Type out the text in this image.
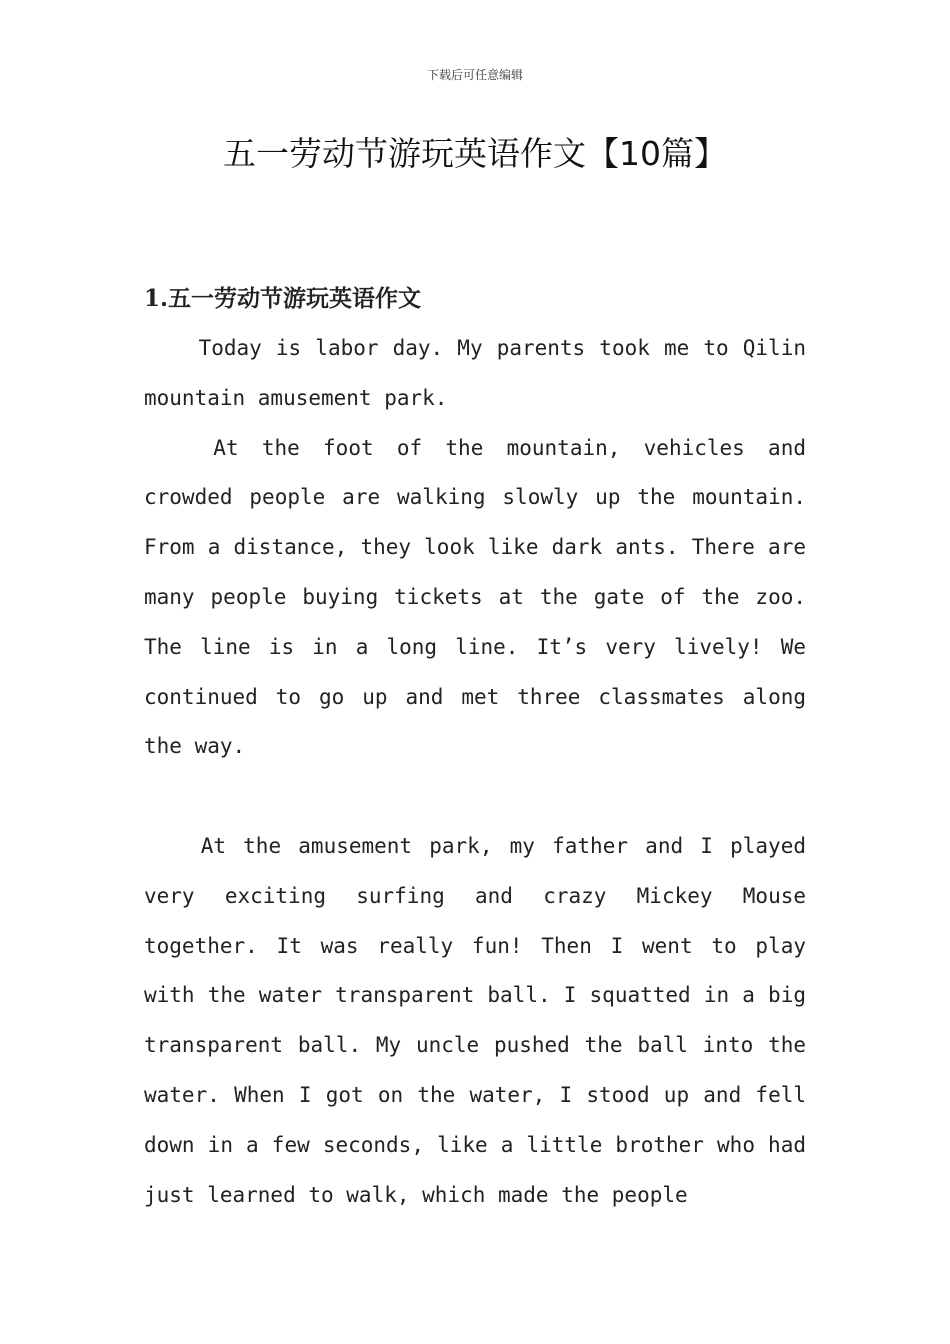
下载后可任意编辑
五一劳动节游玩英语作文【10篇】
1.五一劳动节游玩英语作文

Today is labor day. My parents took me to Qilin mountain amusement park.

At the foot of the mountain, vehicles and crowded people are walking slowly up the mountain. From a distance, they look like dark ants. There are many people buying tickets at the gate of the zoo. The line is in a long line. It’s very lively! We continued to go up and met three classmates along the way.

At the amusement park, my father and I played very exciting surfing and crazy Mickey Mouse together. It was really fun! Then I went to play with the water transparent ball. I squatted in a big transparent ball. My uncle pushed the ball into the water. When I got on the water, I stood up and fell down in a few seconds, like a little brother who had just learned to walk, which made the people
